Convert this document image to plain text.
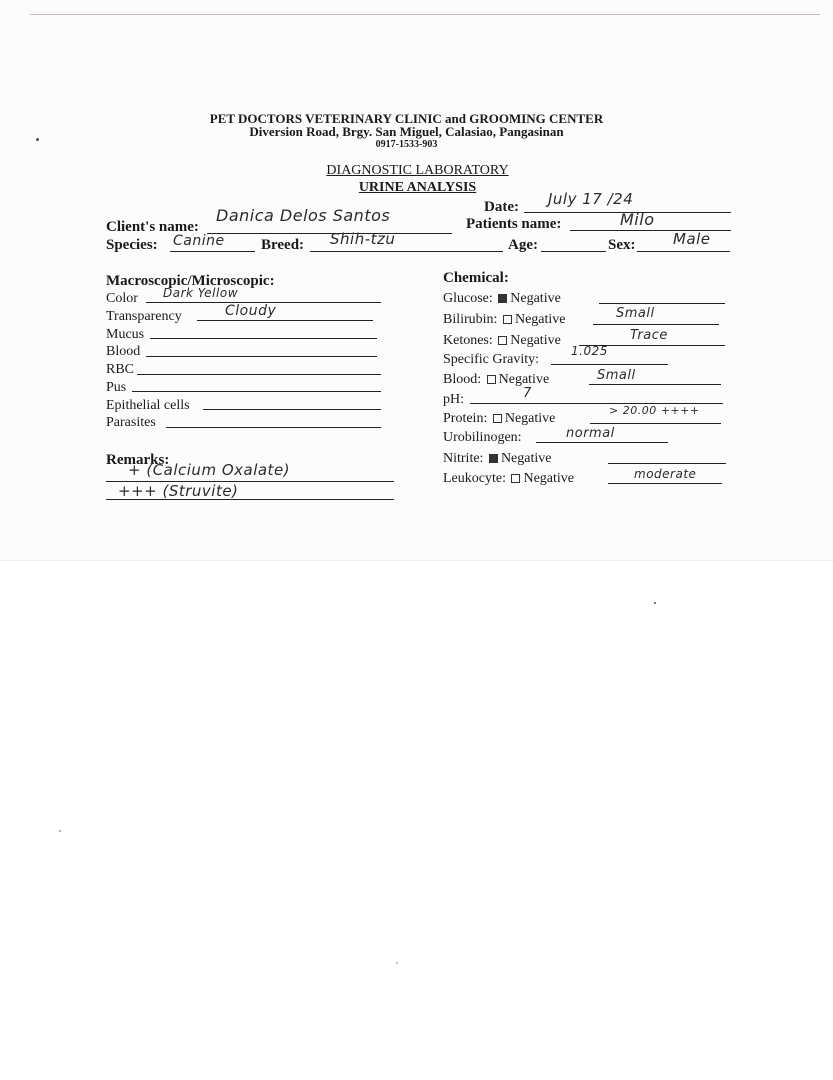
PET DOCTORS VETERINARY CLINIC and GROOMING CENTER
Diversion Road, Brgy. San Miguel, Calasiao, Pangasinan
0917-1533-903
DIAGNOSTIC LABORATORY
URINE ANALYSIS
Date: July 17 /24
Client's name:
Danica Delos Santos	Patients name:	Milo
Species: Canine Breed: Shih-tzu	Age:	Sex:	Male
Macroscopic/Microscopic:
Color Dark Yellow
Transparency	Cloudy
Mucus
Blood
RBC
Pus
Epithelial cells
Parasites
Remarks:
+ (Calcium Oxalate)
+++ (Struvite)
Chemical:
Glucose: Negative
Bilirubin: Negative	Small
Ketones: Negative	Trace
Specific Gravity:
1.025
Blood: Negative	Small
pH:	7
Protein: Negative
> 20.00 ++++
Urobilinogen:	normal
Nitrite: Negative
Leukocyte: Negative	moderate
